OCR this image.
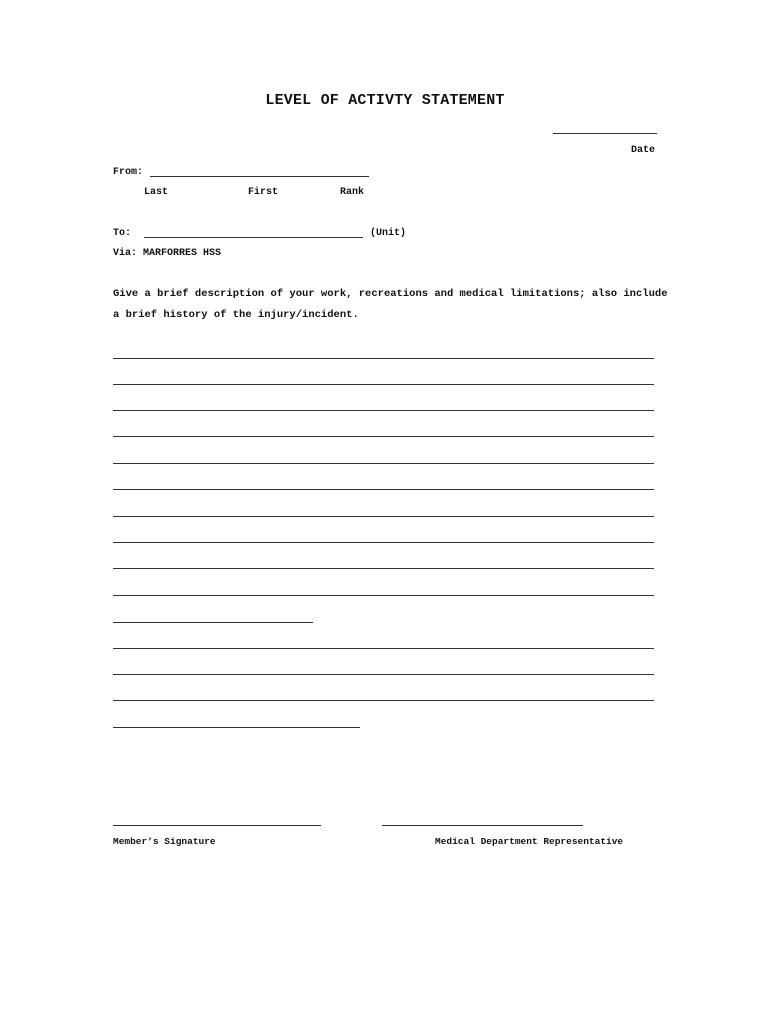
LEVEL OF ACTIVTY STATEMENT
Date
From:
Last	First	Rank
To:	(Unit)
Via: MARFORRES HSS
Give a brief description of your work, recreations and medical limitations; also include
a brief history of the injury/incident.
Member’s Signature	Medical Department Representative
